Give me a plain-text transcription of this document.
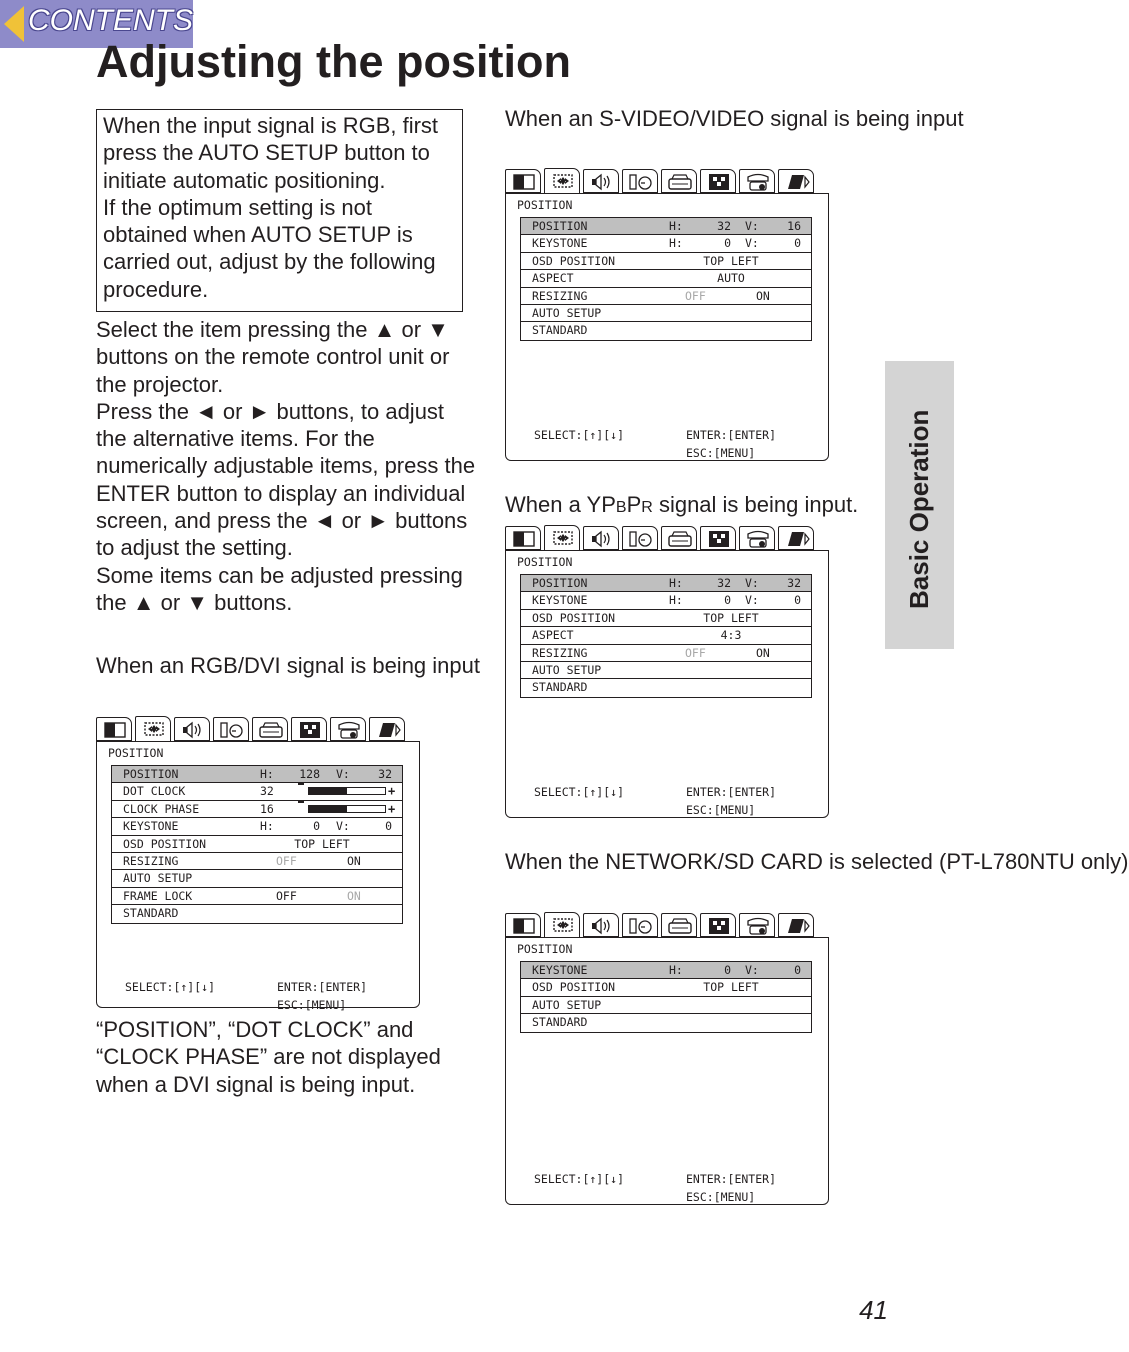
CONTENTS
Adjusting the position

When the input signal is RGB, first press the AUTO SETUP button to initiate automatic positioning.

If the optimum setting is not obtained when AUTO SETUP is carried out, adjust by the following procedure.

Select the item pressing the ▲ or ▼ buttons on the remote control unit or the projector.

Press the ◄ or ► buttons, to adjust the alternative items. For the numerically adjustable items, press the ENTER button to display an individual screen, and press the ◄ or ► buttons to adjust the setting.

Some items can be adjusted pressing the ▲ or ▼ buttons.

When an RGB/DVI signal is being input
When an S-VIDEO/VIDEO signal is being input
When a YPBPR signal is being input.
When the NETWORK/SD CARD is selected (PT-L780NTU only)
POSITION
POSITION	H: 128 V: 32
DOT CLOCK	32	+
CLOCK PHASE	16	+
KEYSTONE	H:	0 V:	0
OSD POSITION	TOP LEFT
RESIZING	OFF	ON
AUTO SETUP
FRAME LOCK	OFF	ON
STANDARD
SELECT:[↑][↓]	ENTER:[ENTER]
ESC:[MENU]
POSITION
POSITION	H:	32 V: 16
KEYSTONE	H:	0 V:	0
OSD POSITION	TOP LEFT
ASPECT	AUTO
RESIZING	OFF	ON
AUTO SETUP
STANDARD
SELECT:[↑][↓]	ENTER:[ENTER]
ESC:[MENU]
POSITION
POSITION	H:	32 V: 32
KEYSTONE	H:	0 V:	0
OSD POSITION	TOP LEFT
ASPECT	4:3
RESIZING	OFF	ON
AUTO SETUP
STANDARD
SELECT:[↑][↓]	ENTER:[ENTER]
ESC:[MENU]
POSITION
KEYSTONE	H:	0 V:	0
OSD POSITION	TOP LEFT
AUTO SETUP
STANDARD
SELECT:[↑][↓]	ENTER:[ENTER]
ESC:[MENU]

“POSITION”, “DOT CLOCK” and “CLOCK PHASE” are not displayed when a DVI signal is being input.

Basic Operation
41
